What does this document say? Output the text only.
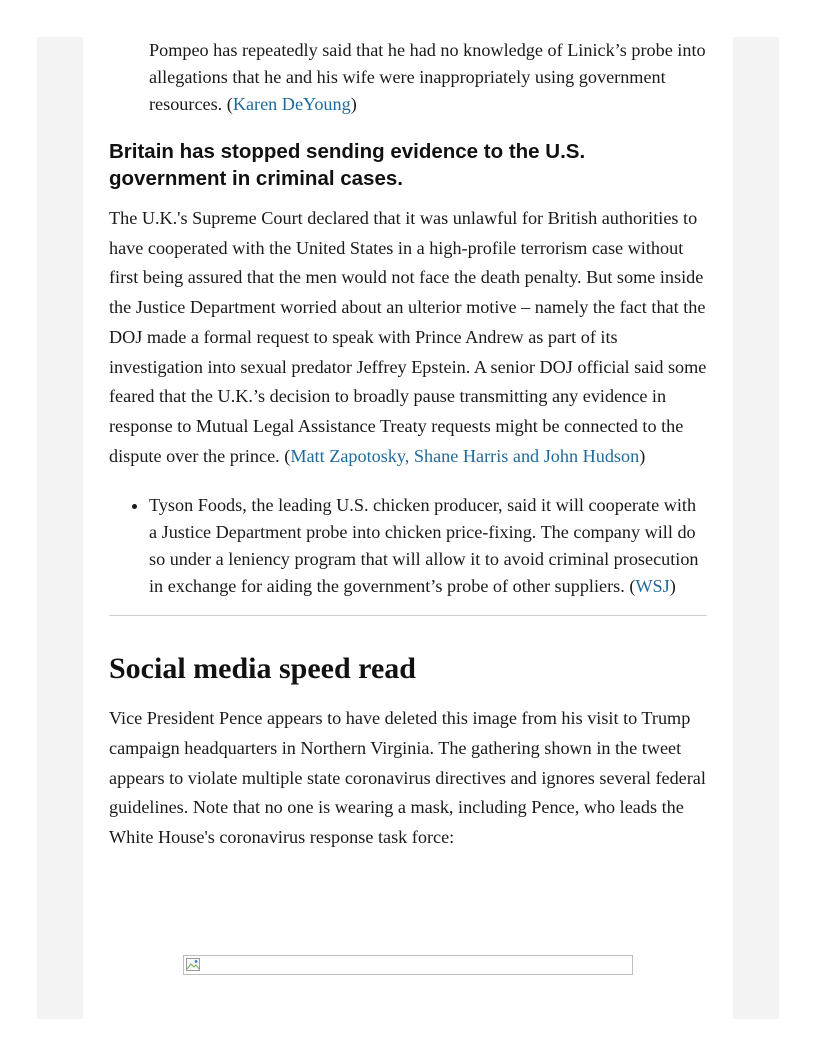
Pompeo has repeatedly said that he had no knowledge of Linick’s probe into allegations that he and his wife were inappropriately using government resources. (Karen DeYoung)
Britain has stopped sending evidence to the U.S. government in criminal cases.

The U.K.'s Supreme Court declared that it was unlawful for British authorities to have cooperated with the United States in a high-profile terrorism case without first being assured that the men would not face the death penalty. But some inside the Justice Department worried about an ulterior motive – namely the fact that the DOJ made a formal request to speak with Prince Andrew as part of its investigation into sexual predator Jeffrey Epstein. A senior DOJ official said some feared that the U.K.’s decision to broadly pause transmitting any evidence in response to Mutual Legal Assistance Treaty requests might be connected to the dispute over the prince. (Matt Zapotosky, Shane Harris and John Hudson)

• Tyson Foods, the leading U.S. chicken producer, said it will cooperate with a Justice Department probe into chicken price-fixing. The company will do so under a leniency program that will allow it to avoid criminal prosecution in exchange for aiding the government’s probe of other suppliers. (WSJ)
Social media speed read

Vice President Pence appears to have deleted this image from his visit to Trump campaign headquarters in Northern Virginia. The gathering shown in the tweet appears to violate multiple state coronavirus directives and ignores several federal guidelines. Note that no one is wearing a mask, including Pence, who leads the White House's coronavirus response task force:
